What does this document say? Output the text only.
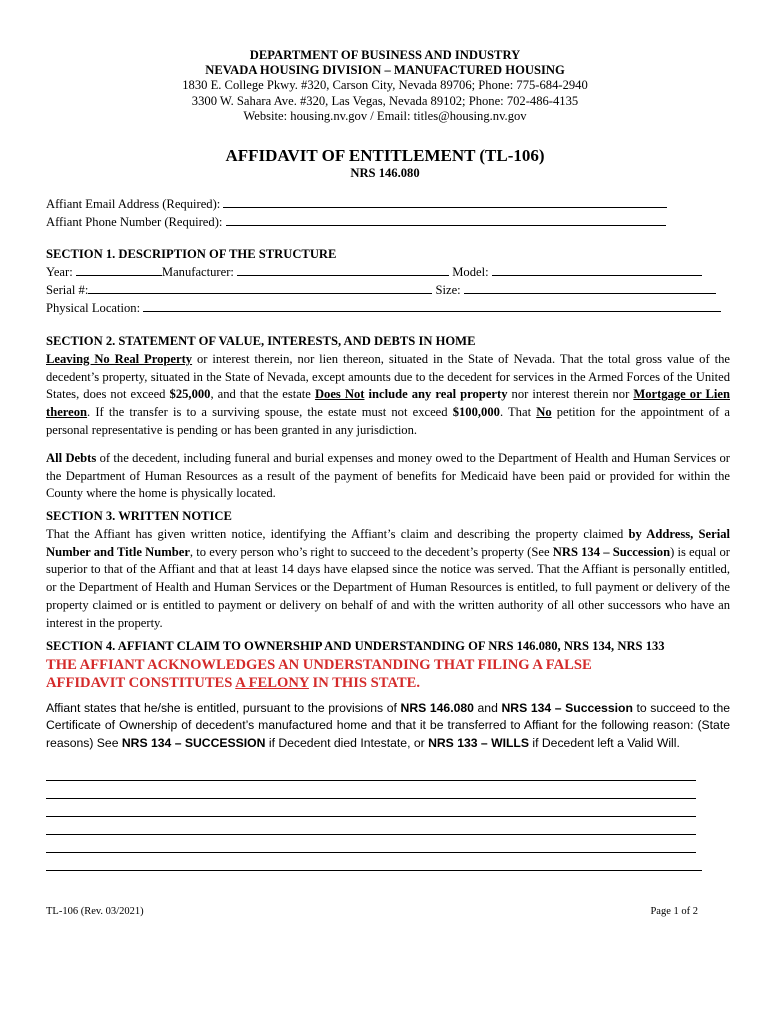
DEPARTMENT OF BUSINESS AND INDUSTRY
NEVADA HOUSING DIVISION – MANUFACTURED HOUSING
1830 E. College Pkwy. #320, Carson City, Nevada 89706; Phone: 775-684-2940
3300 W. Sahara Ave. #320, Las Vegas, Nevada 89102; Phone: 702-486-4135
Website: housing.nv.gov / Email: titles@housing.nv.gov
AFFIDAVIT OF ENTITLEMENT (TL-106)
NRS 146.080
Affiant Email Address (Required):
Affiant Phone Number (Required):
SECTION 1. DESCRIPTION OF THE STRUCTURE
Year:	Manufacturer:	Model:
Serial #:	Size:
Physical Location:
SECTION 2. STATEMENT OF VALUE, INTERESTS, AND DEBTS IN HOME
Leaving No Real Property or interest therein, nor lien thereon, situated in the State of Nevada. That the total gross value of the decedent’s property, situated in the State of Nevada, except amounts due to the decedent for services in the Armed Forces of the United States, does not exceed $25,000, and that the estate Does Not include any real property nor interest therein nor Mortgage or Lien thereon. If the transfer is to a surviving spouse, the estate must not exceed $100,000. That No petition for the appointment of a personal representative is pending or has been granted in any jurisdiction.
All Debts of the decedent, including funeral and burial expenses and money owed to the Department of Health and Human Services or the Department of Human Resources as a result of the payment of benefits for Medicaid have been paid or provided for within the County where the home is physically located.
SECTION 3. WRITTEN NOTICE
That the Affiant has given written notice, identifying the Affiant’s claim and describing the property claimed by Address, Serial Number and Title Number, to every person who’s right to succeed to the decedent’s property (See NRS 134 – Succession) is equal or superior to that of the Affiant and that at least 14 days have elapsed since the notice was served. That the Affiant is personally entitled, or the Department of Health and Human Services or the Department of Human Resources is entitled, to full payment or delivery of the property claimed or is entitled to payment or delivery on behalf of and with the written authority of all other successors who have an interest in the property.
SECTION 4. AFFIANT CLAIM TO OWNERSHIP AND UNDERSTANDING OF NRS 146.080, NRS 134, NRS 133
THE AFFIANT ACKNOWLEDGES AN UNDERSTANDING THAT FILING A FALSE
AFFIDAVIT CONSTITUTES A FELONY IN THIS STATE.
Affiant states that he/she is entitled, pursuant to the provisions of NRS 146.080 and NRS 134 – Succession to succeed to the Certificate of Ownership of decedent’s manufactured home and that it be transferred to Affiant for the following reason: (State reasons) See NRS 134 – SUCCESSION if Decedent died Intestate, or NRS 133 – WILLS if Decedent left a Valid Will.
TL-106 (Rev. 03/2021)	Page 1 of 2
